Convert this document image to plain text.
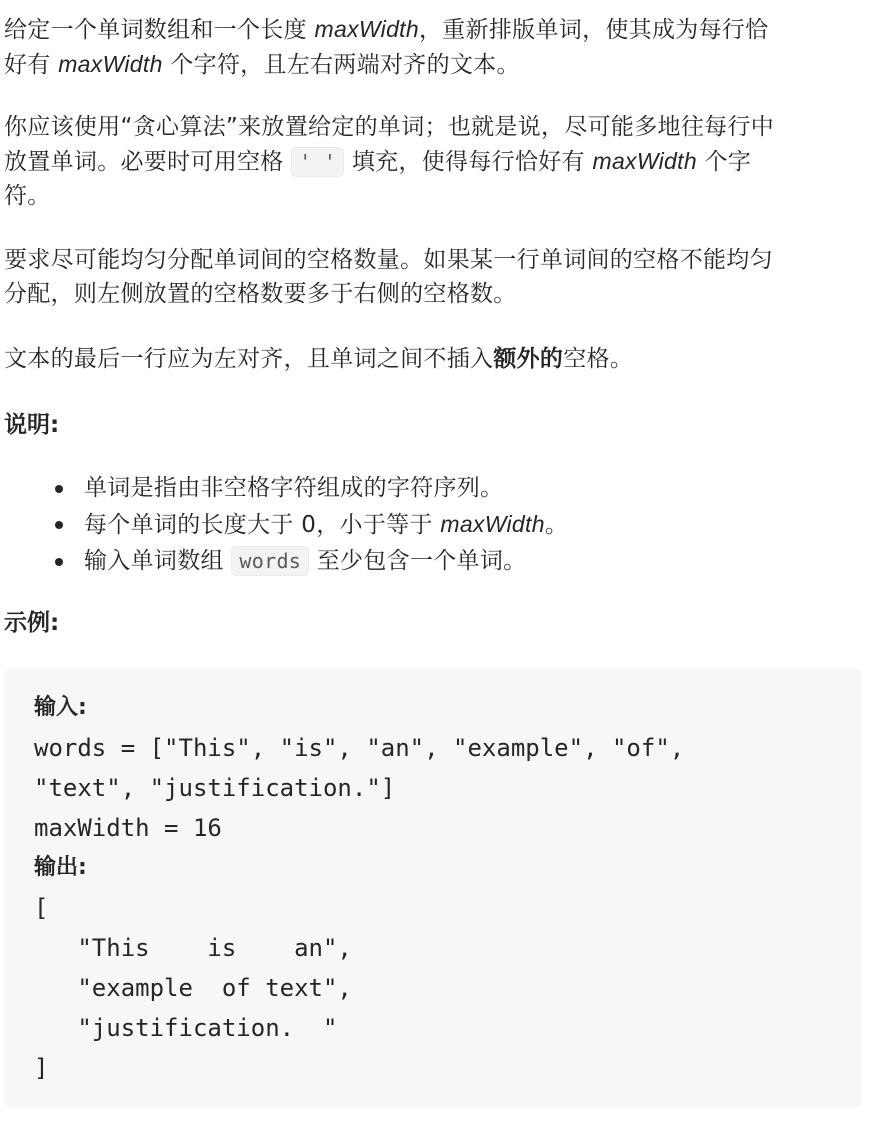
给定一个单词数组和一个长度 maxWidth，重新排版单词，使其成为每行恰
好有 maxWidth 个字符，且左右两端对齐的文本。

你应该使用“贪心算法”来放置给定的单词；也就是说，尽可能多地往每行中
放置单词。必要时可用空格 ' ' 填充，使得每行恰好有 maxWidth 个字
符。

要求尽可能均匀分配单词间的空格数量。如果某一行单词间的空格不能均匀
分配，则左侧放置的空格数要多于右侧的空格数。

文本的最后一行应为左对齐，且单词之间不插入额外的空格。

说明:

单词是指由非空格字符组成的字符序列。
每个单词的长度大于 0，小于等于 maxWidth。
输入单词数组 words 至少包含一个单词。

示例:

输入:
words = ["This", "is", "an", "example", "of",
"text", "justification."]
maxWidth = 16
输出:
[
"This    is    an",
"example  of text",
"justification.  "
]
